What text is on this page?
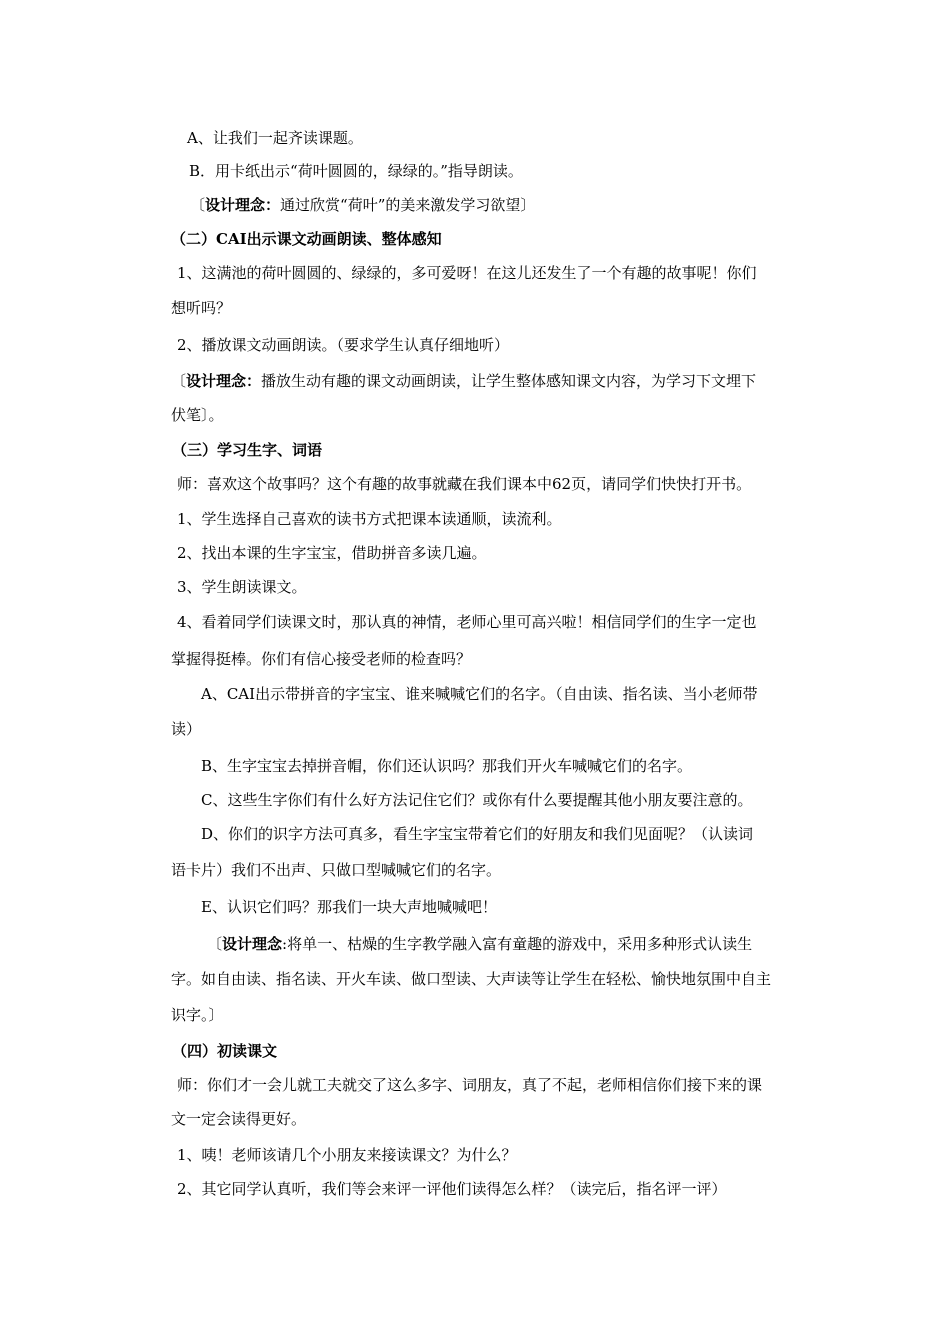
A、让我们一起齐读课题。
B．用卡纸出示“荷叶圆圆的，绿绿的。”指导朗读。
〔设计理念：通过欣赏“荷叶”的美来激发学习欲望〕
（二）CAI出示课文动画朗读、整体感知
1、这满池的荷叶圆圆的、绿绿的，多可爱呀！在这儿还发生了一个有趣的故事呢！你们
想听吗？
2、播放课文动画朗读。（要求学生认真仔细地听）
〔设计理念：播放生动有趣的课文动画朗读，让学生整体感知课文内容，为学习下文埋下
伏笔〕。
（三）学习生字、词语
师：喜欢这个故事吗？这个有趣的故事就藏在我们课本中62页，请同学们快快打开书。
1、学生选择自己喜欢的读书方式把课本读通顺，读流利。
2、找出本课的生字宝宝，借助拼音多读几遍。
3、学生朗读课文。
4、看着同学们读课文时，那认真的神情，老师心里可高兴啦！相信同学们的生字一定也
掌握得挺棒。你们有信心接受老师的检查吗？
A、CAI出示带拼音的字宝宝、谁来喊喊它们的名字。（自由读、指名读、当小老师带
读）
B、生字宝宝去掉拼音帽，你们还认识吗？那我们开火车喊喊它们的名字。
C、这些生字你们有什么好方法记住它们？或你有什么要提醒其他小朋友要注意的。
D、你们的识字方法可真多，看生字宝宝带着它们的好朋友和我们见面呢？（认读词
语卡片）我们不出声、只做口型喊喊它们的名字。
E、认识它们吗？那我们一块大声地喊喊吧！
〔设计理念:将单一、枯燥的生字教学融入富有童趣的游戏中，采用多种形式认读生
字。如自由读、指名读、开火车读、做口型读、大声读等让学生在轻松、愉快地氛围中自主
识字。〕
（四）初读课文
师：你们才一会儿就工夫就交了这么多字、词朋友，真了不起，老师相信你们接下来的课
文一定会读得更好。
1、咦！老师该请几个小朋友来接读课文？为什么？
2、其它同学认真听，我们等会来评一评他们读得怎么样？（读完后，指名评一评）
